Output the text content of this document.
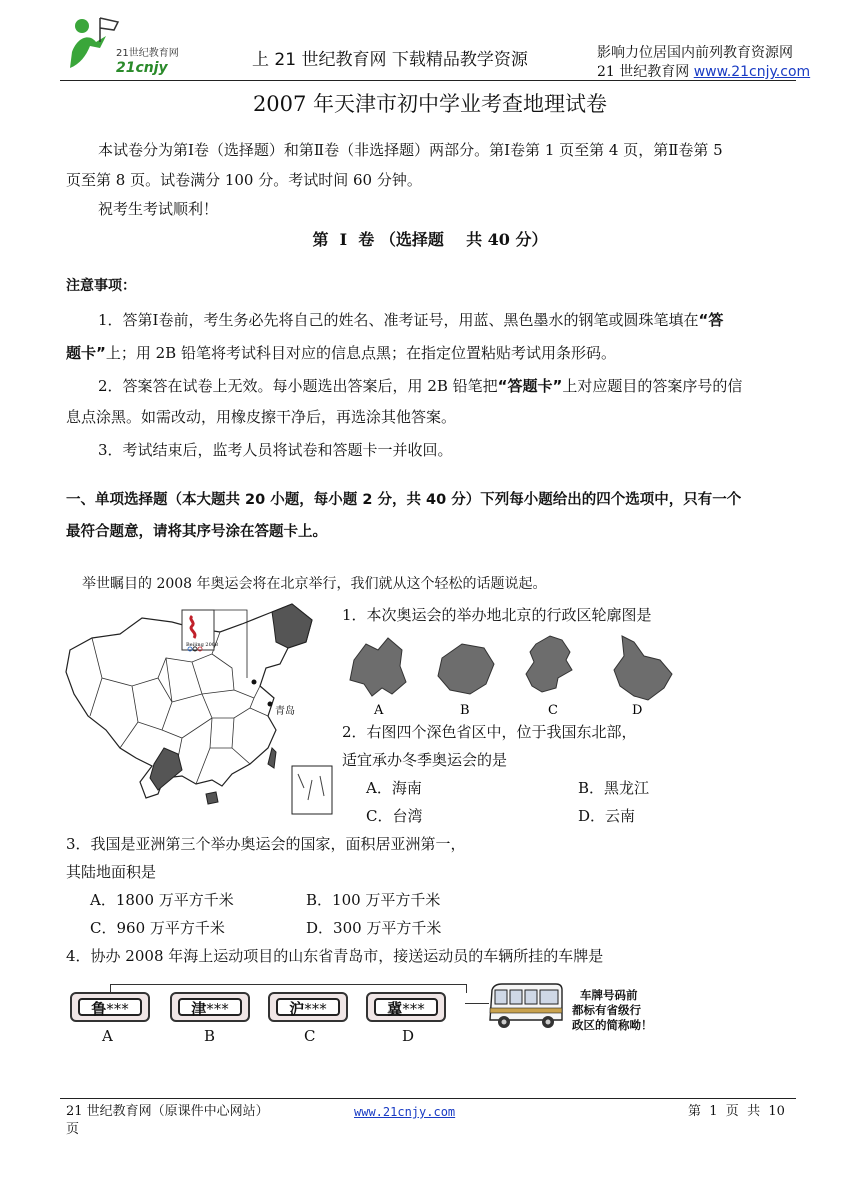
21世纪教育网
21cnjy	上 21 世纪教育网 下载精品教学资源	影响力位居国内前列教育资源网
21 世纪教育网 www.21cnjy.com
2007 年天津市初中学业考查地理试卷
本试卷分为第Ⅰ卷（选择题）和第Ⅱ卷（非选择题）两部分。第Ⅰ卷第 1 页至第 4 页，第Ⅱ卷第 5
页至第 8 页。试卷满分 100 分。考试时间 60 分钟。
祝考生考试顺利！
第  Ⅰ  卷 （选择题    共 40 分）
注意事项：
1．答第Ⅰ卷前，考生务必先将自己的姓名、准考证号，用蓝、黑色墨水的钢笔或圆珠笔填在“答
题卡”上；用 2B 铅笔将考试科目对应的信息点黑；在指定位置粘贴考试用条形码。
2．答案答在试卷上无效。每小题选出答案后，用 2B 铅笔把“答题卡”上对应题目的答案序号的信
息点涂黑。如需改动，用橡皮擦干净后，再选涂其他答案。
3．考试结束后，监考人员将试卷和答题卡一并收回。
一、单项选择题（本大题共 20 小题，每小题 2 分，共 40 分）下列每小题给出的四个选项中，只有一个
最符合题意，请将其序号涂在答题卡上。
举世瞩目的 2008 年奥运会将在北京举行，我们就从这个轻松的话题说起。
青岛
Beijing 2008
1．本次奥运会的举办地北京的行政区轮廓图是
A	B	C	D
2．右图四个深色省区中，位于我国东北部，
适宜承办冬季奥运会的是
A．海南	B．黑龙江
C．台湾	D．云南
3．我国是亚洲第三个举办奥运会的国家，面积居亚洲第一，
其陆地面积是
A．1800 万平方千米	B．100 万平方千米
C．960 万平方千米	D．300 万平方千米
4．协办 2008 年海上运动项目的山东省青岛市，接送运动员的车辆所挂的车牌是
鲁***	津***	沪***	冀***
A	B	C	D
车牌号码前
都标有省级行
政区的简称呦！
21 世纪教育网（原课件中心网站）	www.21cnjy.com	第  1  页  共  10
页
